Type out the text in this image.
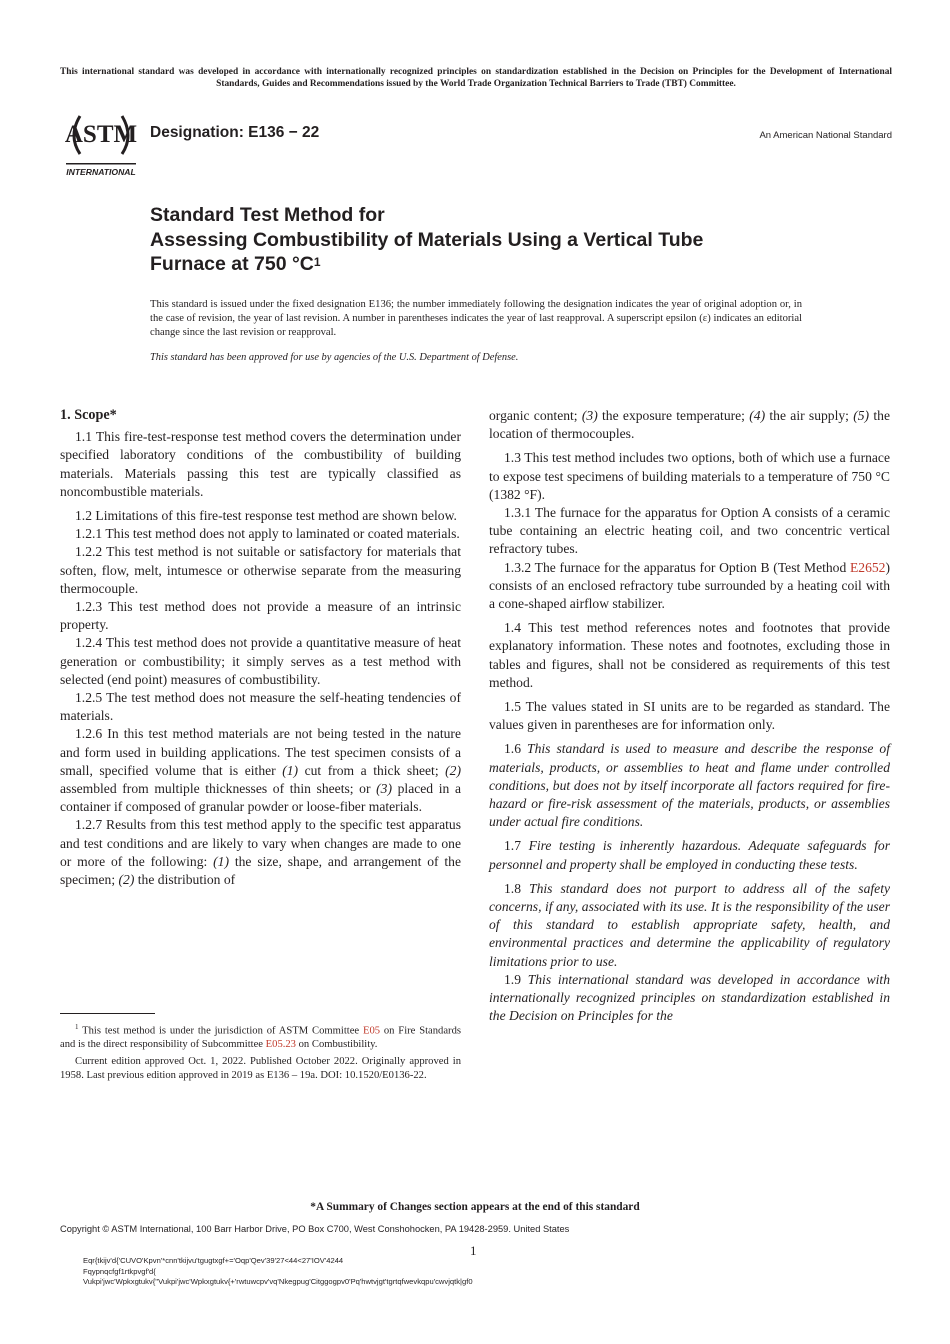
This international standard was developed in accordance with internationally recognized principles on standardization established in the Decision on Principles for the Development of International Standards, Guides and Recommendations issued by the World Trade Organization Technical Barriers to Trade (TBT) Committee.
ASTM
INTERNATIONAL
Designation: E136 − 22	An American National Standard
Standard Test Method for
Assessing Combustibility of Materials Using a Vertical Tube
Furnace at 750 $^\circ C^1$
This standard is issued under the fixed designation E136; the number immediately following the designation indicates the year of original adoption or, in the case of revision, the year of last revision. A number in parentheses indicates the year of last reapproval. A superscript epsilon (ε) indicates an editorial change since the last revision or reapproval.
This standard has been approved for use by agencies of the U.S. Department of Defense.

1. Scope*

1.1 This fire-test-response test method covers the determination under specified laboratory conditions of the combustibility of building materials. Materials passing this test are typically classified as noncombustible materials.

1.2 Limitations of this fire-test response test method are shown below.

1.2.1 This test method does not apply to laminated or coated materials.

1.2.2 This test method is not suitable or satisfactory for materials that soften, flow, melt, intumesce or otherwise separate from the measuring thermocouple.

1.2.3 This test method does not provide a measure of an intrinsic property.

1.2.4 This test method does not provide a quantitative measure of heat generation or combustibility; it simply serves as a test method with selected (end point) measures of combustibility.

1.2.5 The test method does not measure the self-heating tendencies of materials.

1.2.6 In this test method materials are not being tested in the nature and form used in building applications. The test specimen consists of a small, specified volume that is either (1) cut from a thick sheet; (2) assembled from multiple thicknesses of thin sheets; or (3) placed in a container if composed of granular powder or loose-fiber materials.

1.2.7 Results from this test method apply to the specific test apparatus and test conditions and are likely to vary when changes are made to one or more of the following: (1) the size, shape, and arrangement of the specimen; (2) the distribution of

$^1$ This test method is under the jurisdiction of ASTM Committee E05 on Fire Standards and is the direct responsibility of Subcommittee E05.23 on Combustibility.

Current edition approved Oct. 1, 2022. Published October 2022. Originally approved in 1958. Last previous edition approved in 2019 as E136 – 19a. DOI: 10.1520/E0136-22.

organic content; (3) the exposure temperature; (4) the air supply; (5) the location of thermocouples.

1.3 This test method includes two options, both of which use a furnace to expose test specimens of building materials to a temperature of 750 °C (1382 °F).

1.3.1 The furnace for the apparatus for Option A consists of a ceramic tube containing an electric heating coil, and two concentric vertical refractory tubes.

1.3.2 The furnace for the apparatus for Option B (Test Method E2652) consists of an enclosed refractory tube surrounded by a heating coil with a cone-shaped airflow stabilizer.

1.4 This test method references notes and footnotes that provide explanatory information. These notes and footnotes, excluding those in tables and figures, shall not be considered as requirements of this test method.

1.5 The values stated in SI units are to be regarded as standard. The values given in parentheses are for information only.

1.6 This standard is used to measure and describe the response of materials, products, or assemblies to heat and flame under controlled conditions, but does not by itself incorporate all factors required for fire-hazard or fire-risk assessment of the materials, products, or assemblies under actual fire conditions.

1.7 Fire testing is inherently hazardous. Adequate safeguards for personnel and property shall be employed in conducting these tests.

1.8 This standard does not purport to address all of the safety concerns, if any, associated with its use. It is the responsibility of the user of this standard to establish appropriate safety, health, and environmental practices and determine the applicability of regulatory limitations prior to use.

1.9 This international standard was developed in accordance with internationally recognized principles on standardization established in the Decision on Principles for the

*A Summary of Changes section appears at the end of this standard
Copyright © ASTM International, 100 Barr Harbor Drive, PO Box C700, West Conshohocken, PA 19428-2959. United States
1
Eqr{tkijv'd{'CUVO'Kpvn'*cnn'tkijvu'tgugtxgf+='Oqp'Qev'39'27<44<27'IOV'4244
Fqypnqcfgf1rtkpvgf'd{
Vukpi'jwc'Wpkxgtukv{''Vukpi'jwc'Wpkxgtukv{+'rwtuwcpv'vq'Nkegpug'Citggogpv0'Pq'hwtvjgt'tgrtqfwevkqpu'cwvjqtk|gf0
